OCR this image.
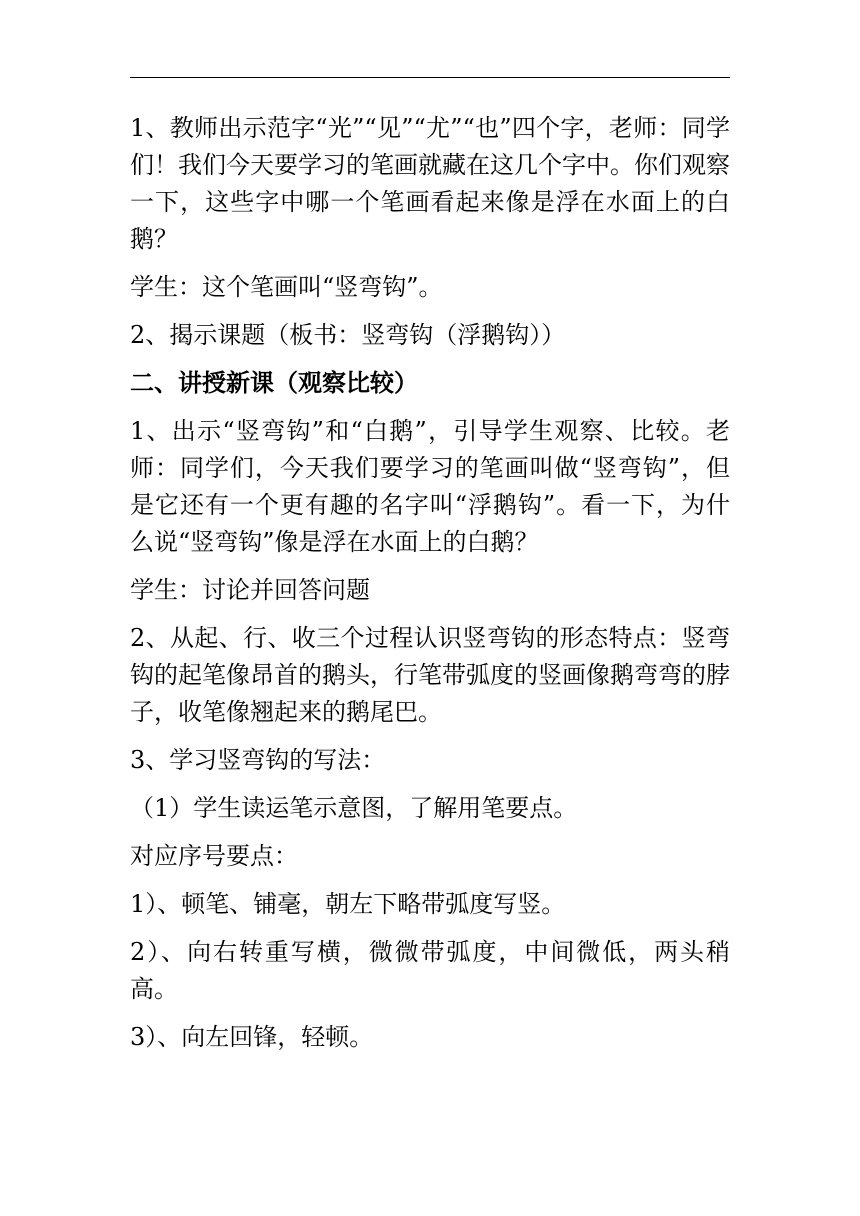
1、教师出示范字“光”“见”“尤”“也”四个字，老师：同学们！我们今天要学习的笔画就藏在这几个字中。你们观察一下，这些字中哪一个笔画看起来像是浮在水面上的白鹅？

学生：这个笔画叫“竖弯钩”。

2、揭示课题（板书：竖弯钩（浮鹅钩））

二、讲授新课（观察比较）

1、出示“竖弯钩”和“白鹅”，引导学生观察、比较。老师：同学们，今天我们要学习的笔画叫做“竖弯钩”，但是它还有一个更有趣的名字叫“浮鹅钩”。看一下，为什么说“竖弯钩”像是浮在水面上的白鹅？

学生：讨论并回答问题

2、从起、行、收三个过程认识竖弯钩的形态特点：竖弯钩的起笔像昂首的鹅头，行笔带弧度的竖画像鹅弯弯的脖子，收笔像翘起来的鹅尾巴。

3、学习竖弯钩的写法：

（1）学生读运笔示意图，了解用笔要点。

对应序号要点：

1）、顿笔、铺毫，朝左下略带弧度写竖。

2）、向右转重写横，微微带弧度，中间微低，两头稍高。

3）、向左回锋，轻顿。
